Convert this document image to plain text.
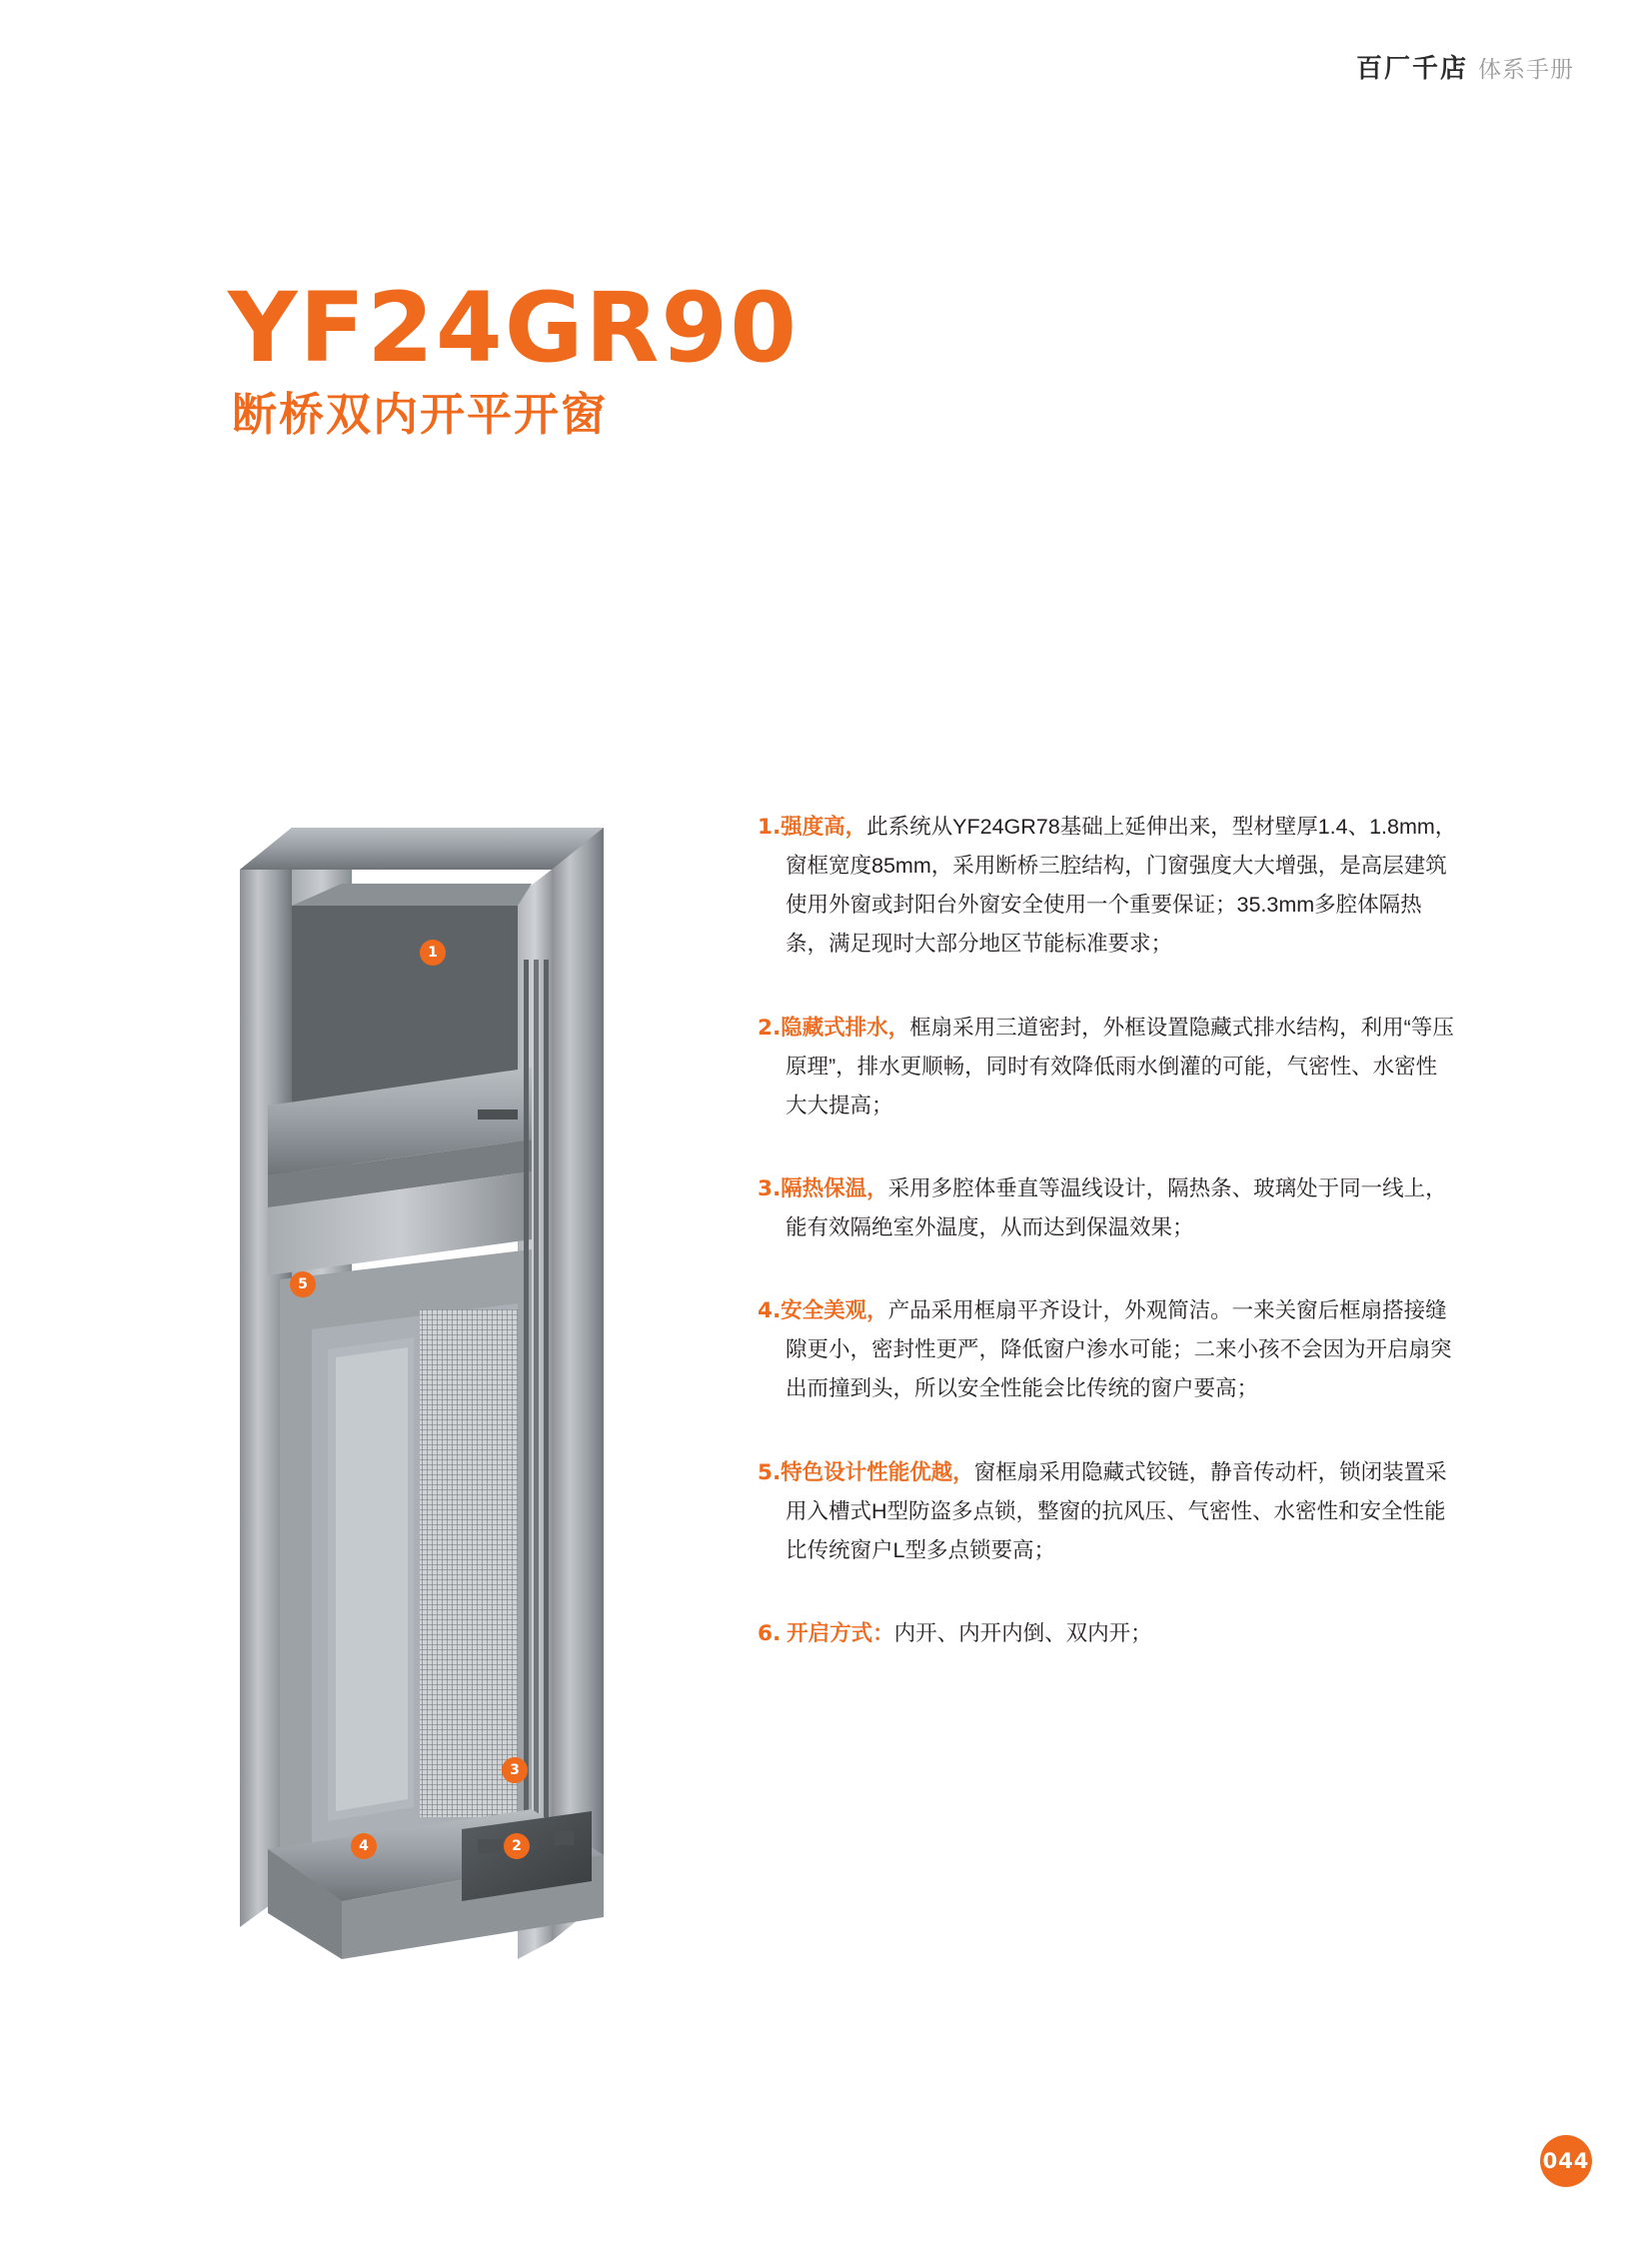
百厂千店 体系手册
YF24GR90
断桥双内开平开窗
1
2
3
4
5

1.强度高，此系统从YF24GR78基础上延伸出来，型材壁厚1.4、1.8mm，窗框宽度85mm，采用断桥三腔结构，门窗强度大大增强，是高层建筑使用外窗或封阳台外窗安全使用一个重要保证；35.3mm多腔体隔热条，满足现时大部分地区节能标准要求；

2.隐藏式排水，框扇采用三道密封，外框设置隐藏式排水结构，利用“等压原理”，排水更顺畅，同时有效降低雨水倒灌的可能，气密性、水密性大大提高；

3.隔热保温，采用多腔体垂直等温线设计，隔热条、玻璃处于同一线上，能有效隔绝室外温度，从而达到保温效果；

4.安全美观，产品采用框扇平齐设计，外观简洁。一来关窗后框扇搭接缝隙更小，密封性更严，降低窗户渗水可能；二来小孩不会因为开启扇突出而撞到头，所以安全性能会比传统的窗户要高；

5.特色设计性能优越，窗框扇采用隐藏式铰链，静音传动杆，锁闭装置采用入槽式H型防盗多点锁，整窗的抗风压、气密性、水密性和安全性能比传统窗户L型多点锁要高；

6. 开启方式：内开、内开内倒、双内开；

044
